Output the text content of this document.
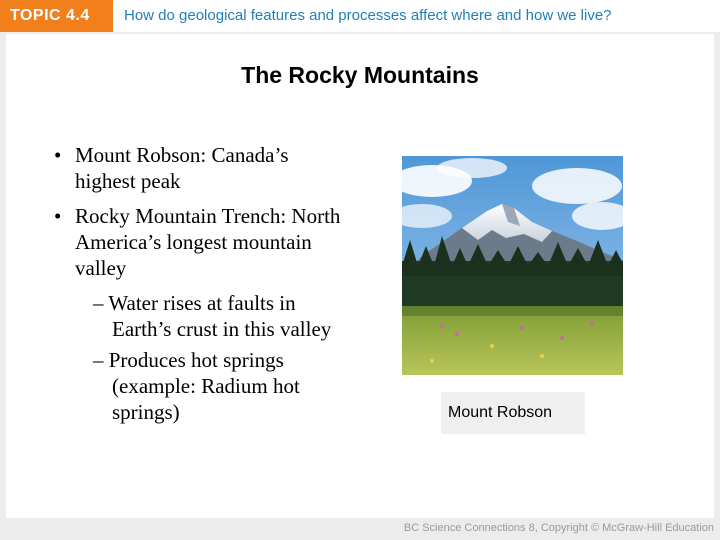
TOPIC 4.4	How do geological features and processes affect where and how we live?
The Rocky Mountains
• Mount Robson: Canada’s highest peak
• Rocky Mountain Trench: North America’s longest mountain valley
– Water rises at faults in Earth’s crust in this valley
– Produces hot springs (example: Radium hot springs)	Mount Robson
BC Science Connections 8, Copyright © McGraw-Hill Education
